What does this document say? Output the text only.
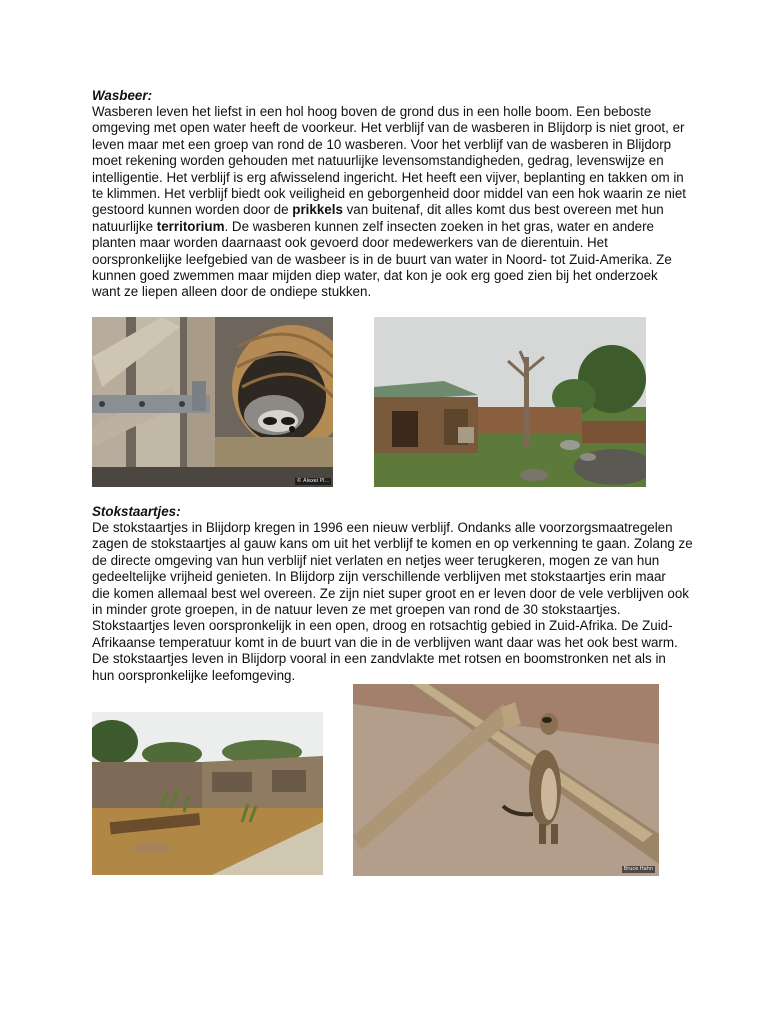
Wasbeer:
Wasberen leven het liefst in een hol hoog boven de grond dus in een holle boom. Een beboste
omgeving met open water heeft de voorkeur. Het verblijf van de wasberen in Blijdorp is niet groot, er
leven maar met een groep van rond de 10 wasberen. Voor het verblijf van de wasberen in Blijdorp
moet rekening worden gehouden met natuurlijke levensomstandigheden, gedrag, levenswijze en
intelligentie. Het verblijf is erg afwisselend ingericht. Het heeft een vijver, beplanting en takken om in
te klimmen. Het verblijf biedt ook veiligheid en geborgenheid door middel van een hok waarin ze niet
gestoord kunnen worden door de prikkels van buitenaf, dit alles komt dus best overeen met hun
natuurlijke territorium. De wasberen kunnen zelf insecten zoeken in het gras, water en andere
planten maar worden daarnaast ook gevoerd door medewerkers van de dierentuin. Het
oorspronkelijke leefgebied van de wasbeer is in de buurt van water in Noord- tot Zuid-Amerika. Ze
kunnen goed zwemmen maar mijden diep water, dat kon je ook erg goed zien bij het onderzoek
want ze liepen alleen door de ondiepe stukken.
© Alexei Pl...
Stokstaartjes:
De stokstaartjes in Blijdorp kregen in 1996 een nieuw verblijf. Ondanks alle voorzorgsmaatregelen
zagen de stokstaartjes al gauw kans om uit het verblijf te komen en op verkenning te gaan. Zolang ze
de directe omgeving van hun verblijf niet verlaten en netjes weer terugkeren, mogen ze van hun
gedeeltelijke vrijheid genieten. In Blijdorp zijn verschillende verblijven met stokstaartjes erin maar
die komen allemaal best wel overeen. Ze zijn niet super groot en er leven door de vele verblijven ook
in minder grote groepen, in de natuur leven ze met groepen van rond de 30 stokstaartjes.
Stokstaartjes leven oorspronkelijk in een open, droog en rotsachtig gebied in Zuid-Afrika. De Zuid-
Afrikaanse temperatuur komt in de buurt van die in de verblijven want daar was het ook best warm.
De stokstaartjes leven in Blijdorp vooral in een zandvlakte met rotsen en boomstronken net als in
hun oorspronkelijke leefomgeving.
Bruce Hahn
